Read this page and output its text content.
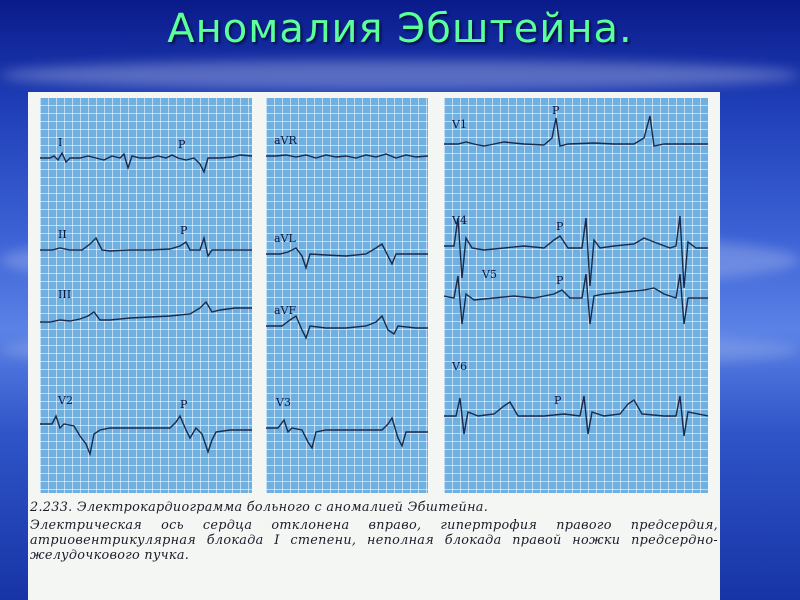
Аномалия Эбштейна.
I	P
II	P
III
V2	P
aVR
aVL
aVF
V3
V1
P
V4	P
V5	P
V6
P

2.233. Электрокардиограмма больного с аномалией Эбштейна.

Электрическая ось сердца отклонена вправо, гипертрофия правого предсердия, атриовентрикулярная блокада I степени, неполная блокада правой ножки предсердно-желудочкового пучка.
